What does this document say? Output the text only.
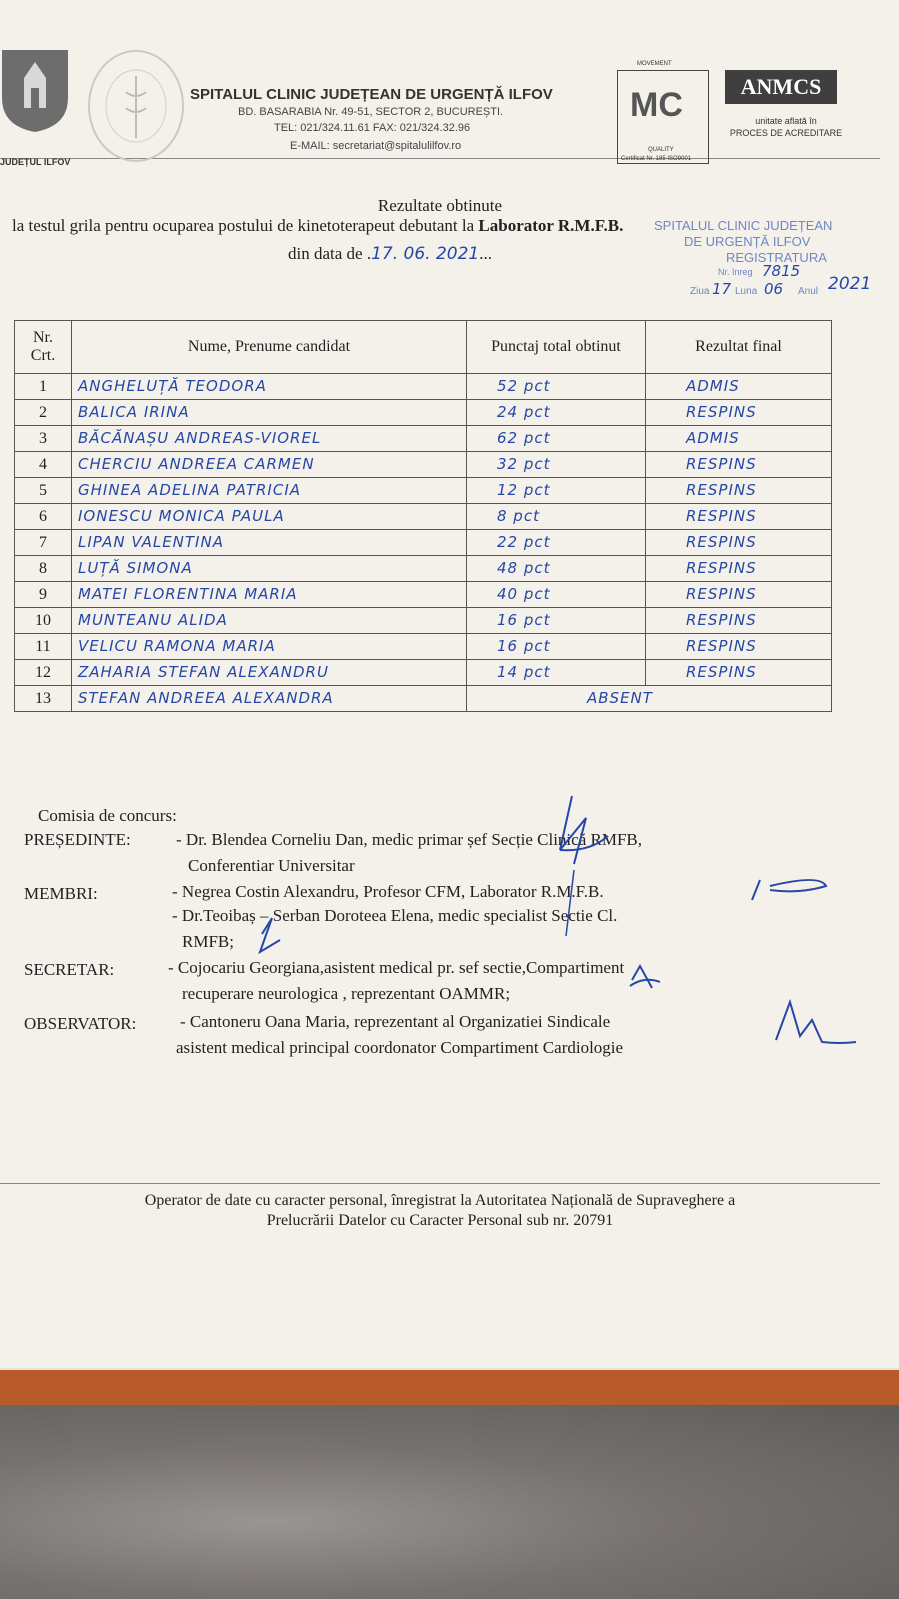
JUDEȚUL ILFOV
SPITALUL CLINIC JUDEȚEAN DE URGENȚĂ ILFOV
BD. BASARABIA Nr. 49-51, SECTOR 2, BUCUREȘTI.
TEL: 021/324.11.61 FAX: 021/324.32.96
E-MAIL: secretariat@spitalulilfov.ro
MOVEMENT
MC
QUALITY
Certificat Nr. 185 ISO9001
ANMCS
unitate aflată în
PROCES DE ACREDITARE
Rezultate obtinute
la testul grila pentru ocuparea postului de kinetoterapeut debutant la Laborator R.M.F.B.
din data de .17. 06. 2021...
SPITALUL CLINIC JUDEȚEAN
DE URGENȚĂ ILFOV
REGISTRATURA
Nr. înreg 7815
Ziua 17 Luna 06 Anul 2021
Nr. Crt.	Nume, Prenume candidat	Punctaj total obtinut	Rezultat final
1	ANGHELUȚĂ TEODORA	52 pct	ADMIS
2	BALICA IRINA	24 pct	RESPINS
3	BĂCĂNAȘU ANDREAS-VIOREL	62 pct	ADMIS
4	CHERCIU ANDREEA CARMEN	32 pct	RESPINS
5	GHINEA ADELINA PATRICIA	12 pct	RESPINS
6	IONESCU MONICA PAULA	8 pct	RESPINS
7	LIPAN VALENTINA	22 pct	RESPINS
8	LUȚĂ SIMONA	48 pct	RESPINS
9	MATEI FLORENTINA MARIA	40 pct	RESPINS
10	MUNTEANU ALIDA	16 pct	RESPINS
11	VELICU RAMONA MARIA	16 pct	RESPINS
12	ZAHARIA STEFAN ALEXANDRU	14 pct	RESPINS
13	STEFAN ANDREEA ALEXANDRA	ABSENT	
Comisia de concurs:
PREȘEDINTE:	- Dr. Blendea Corneliu Dan, medic primar șef Secție Clinică RMFB,
Conferentiar Universitar
MEMBRI:	- Negrea Costin Alexandru, Profesor CFM, Laborator R.M.F.B.
- Dr.Teoibaș – Serban Doroteea Elena, medic specialist Sectie Cl.
RMFB;
SECRETAR:	- Cojocariu Georgiana,asistent medical pr. sef sectie,Compartiment
recuperare neurologica , reprezentant OAMMR;
OBSERVATOR:	- Cantoneru Oana Maria, reprezentant al Organizatiei Sindicale
asistent medical principal coordonator Compartiment Cardiologie
Operator de date cu caracter personal, înregistrat la Autoritatea Națională de Supraveghere a
Prelucrării Datelor cu Caracter Personal sub nr. 20791
